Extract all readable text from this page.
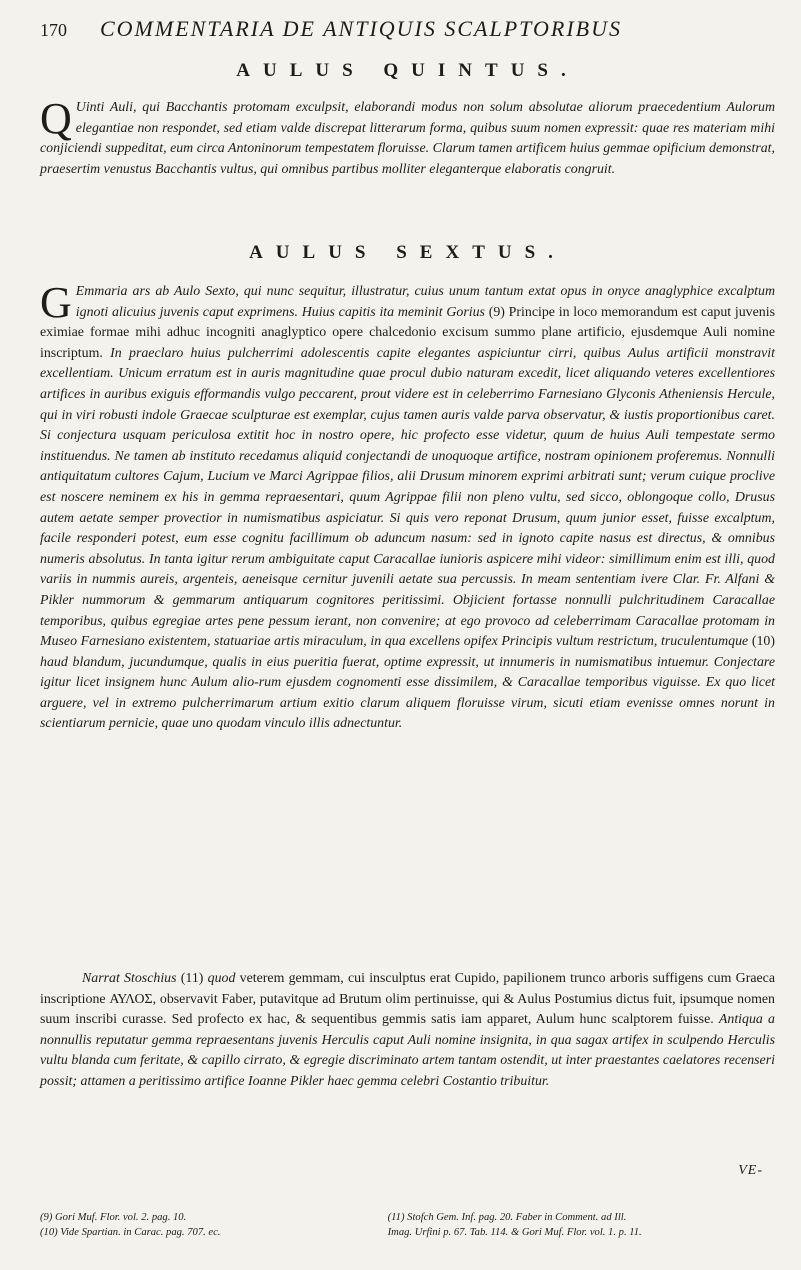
170	COMMENTARIA DE ANTIQUIS SCALPTORIBUS
AULUS QUINTUS.

Q Uinti Auli, qui Bacchantis protomam exculpsit, elaborandi modus non solum absolutae aliorum praecedentium Aulorum elegantiae non respondet, sed etiam valde discrepat litterarum forma, quibus suum nomen expressit: quae res materiam mihi conjiciendi suppeditat, eum circa Antoninorum tempestatem floruisse. Clarum tamen artificem huius gemmae opificium demonstrat, praesertim venustus Bacchantis vultus, qui omnibus partibus molliter eleganterque elaboratis congruit.

AULUS SEXTUS.

G Emmaria ars ab Aulo Sexto, qui nunc sequitur, illustratur, cuius unum tantum extat opus in onyce anaglyphice excalptum ignoti alicuius juvenis caput exprimens. Huius capitis ita meminit Gorius (9) Principe in loco memorandum est caput juvenis eximiae formae mihi adhuc incogniti anaglyptico opere chalcedonio excisum summo plane artificio, ejusdemque Auli nomine inscriptum. In praeclaro huius pulcherrimi adolescentis capite elegantes aspiciuntur cirri, quibus Aulus artificii monstravit excellentiam. Unicum erratum est in auris magnitudine quae procul dubio naturam excedit, licet aliquando veteres excellentiores artifices in auribus exiguis efformandis vulgo peccarent, prout videre est in celeberrimo Farnesiano Glyconis Atheniensis Hercule, qui in viri robusti indole Graecae sculpturae est exemplar, cujus tamen auris valde parva observatur, & iustis proportionibus caret. Si conjectura usquam periculosa extitit hoc in nostro opere, hic profecto esse videtur, quum de huius Auli tempestate sermo instituendus. Ne tamen ab instituto recedamus aliquid conjectandi de unoquoque artifice, nostram opinionem proferemus. Nonnulli antiquitatum cultores Cajum, Lucium ve Marci Agrippae filios, alii Drusum minorem exprimi arbitrati sunt; verum cuique proclive est noscere neminem ex his in gemma repraesentari, quum Agrippae filii non pleno vultu, sed sicco, oblongoque collo, Drusus autem aetate semper provectior in numismatibus aspiciatur. Si quis vero reponat Drusum, quum junior esset, fuisse excalptum, facile responderi potest, eum esse cognitu facillimum ob aduncum nasum: sed in ignoto capite nasus est directus, & omnibus numeris absolutus. In tanta igitur rerum ambiguitate caput Caracallae iunioris aspicere mihi videor: simillimum enim est illi, quod variis in nummis aureis, argenteis, aeneisque cernitur juvenili aetate sua percussis. In meam sententiam ivere Clar. Fr. Alfani & Pikler nummorum & gemmarum antiquarum cognitores peritissimi. Objicient fortasse nonnulli pulchritudinem Caracallae temporibus, quibus egregiae artes pene pessum ierant, non convenire; at ego provoco ad celeberrimam Caracallae protomam in Museo Farnesiano existentem, statuariae artis miraculum, in qua excellens opifex Principis vultum restrictum, truculentumque (10) haud blandum, jucundumque, qualis in eius pueritia fuerat, optime expressit, ut innumeris in numismatibus intuemur. Conjectare igitur licet insignem hunc Aulum alio-rum ejusdem cognomenti esse dissimilem, & Caracallae temporibus viguisse. Ex quo licet arguere, vel in extremo pulcherrimarum artium exitio clarum aliquem floruisse virum, sicuti etiam evenisse omnes norunt in scientiarum pernicie, quae uno quodam vinculo illis adnectuntur.

Narrat Stoschius (11) quod veterem gemmam, cui insculptus erat Cupido, papilionem trunco arboris suffigens cum Graeca inscriptione ΑΥΛΟΣ, observavit Faber, putavitque ad Brutum olim pertinuisse, qui & Aulus Postumius dictus fuit, ipsumque nomen suum inscribi curasse. Sed profecto ex hac, & sequentibus gemmis satis iam apparet, Aulum hunc scalptorem fuisse. Antiqua a nonnullis reputatur gemma repraesentans juvenis Herculis caput Auli nomine insignita, in qua sagax artifex in sculpendo Herculis vultu blanda cum feritate, & capillo cirrato, & egregie discriminato artem tantam ostendit, ut inter praestantes caelatores recenseri possit; attamen a peritissimo artifice Ioanne Pikler haec gemma celebri Costantio tribuitur.

VE-
(9) Gori Muf. Flor. vol. 2. pag. 10.
(10) Vide Spartian. in Carac. pag. 707. ec.
(11) Stofch Gem. Inf. pag. 20. Faber in Comment. ad Ill.
Imag. Urfini p. 67. Tab. 114. & Gori Muf. Flor. vol. 1. p. 11.
